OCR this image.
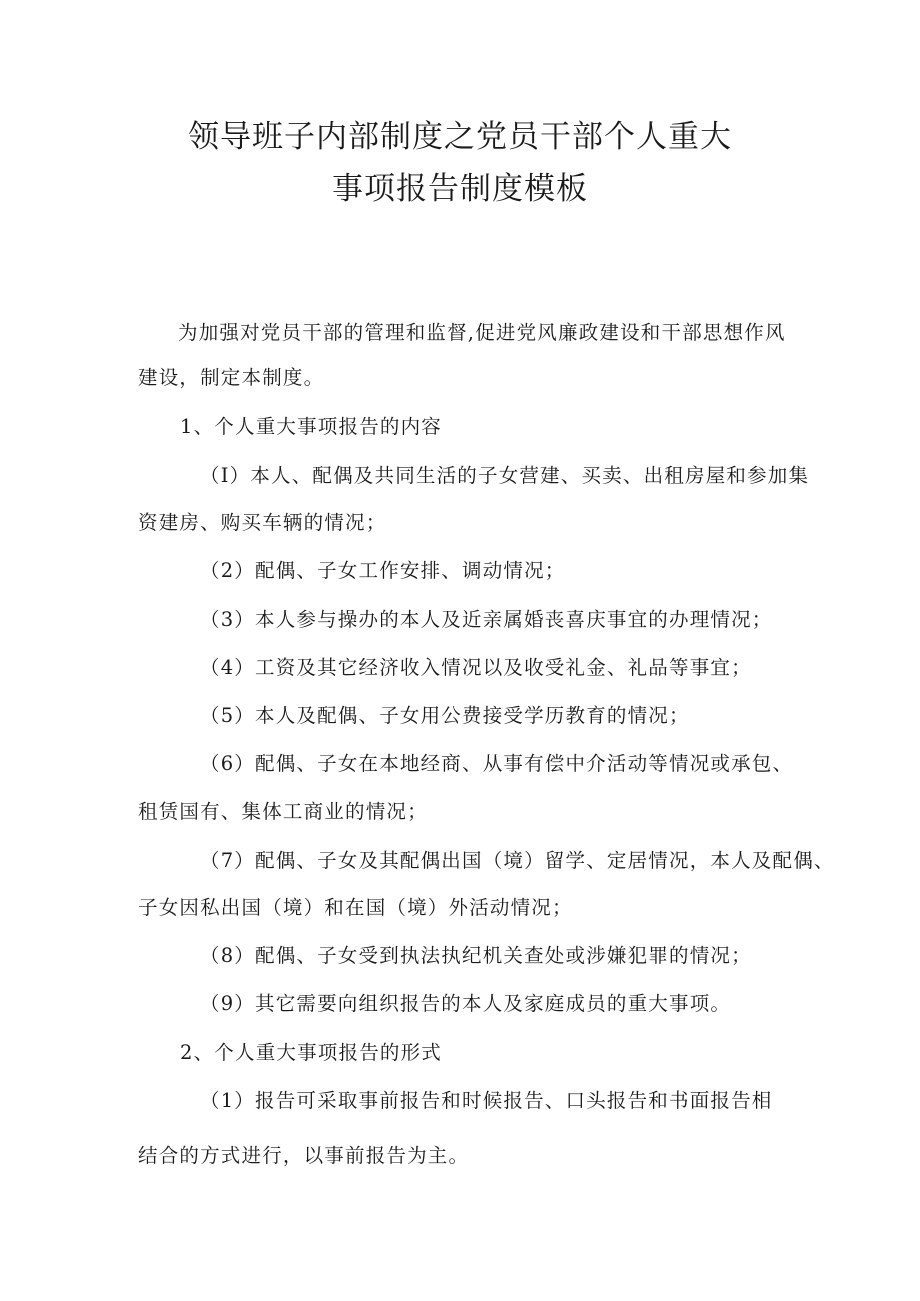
领导班子内部制度之党员干部个人重大
事项报告制度模板
为加强对党员干部的管理和监督,促进党风廉政建设和干部思想作风
建设，制定本制度。
1、个人重大事项报告的内容
（I）本人、配偶及共同生活的子女营建、买卖、出租房屋和参加集
资建房、购买车辆的情况；
（2）配偶、子女工作安排、调动情况；
（3）本人参与操办的本人及近亲属婚丧喜庆事宜的办理情况；
（4）工资及其它经济收入情况以及收受礼金、礼品等事宜；
（5）本人及配偶、子女用公费接受学历教育的情况；
（6）配偶、子女在本地经商、从事有偿中介活动等情况或承包、
租赁国有、集体工商业的情况；
（7）配偶、子女及其配偶出国（境）留学、定居情况，本人及配偶、
子女因私出国（境）和在国（境）外活动情况；
（8）配偶、子女受到执法执纪机关查处或涉嫌犯罪的情况；
（9）其它需要向组织报告的本人及家庭成员的重大事项。
2、个人重大事项报告的形式
（1）报告可采取事前报告和时候报告、口头报告和书面报告相
结合的方式进行，以事前报告为主。
